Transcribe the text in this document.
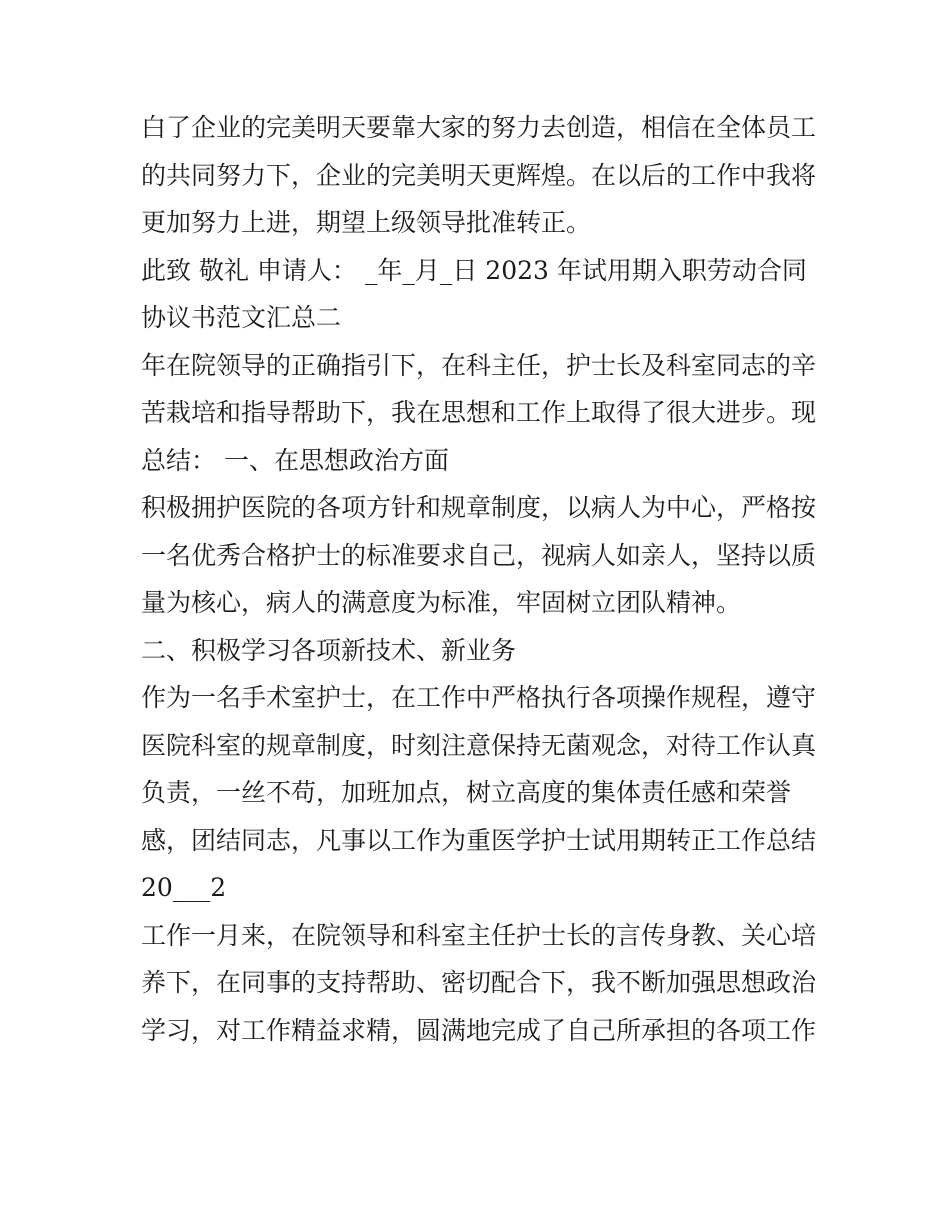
白了企业的完美明天要靠大家的努力去创造，相信在全体员工
的共同努力下，企业的完美明天更辉煌。在以后的工作中我将
更加努力上进，期望上级领导批准转正。
此致 敬礼 申请人： _年_月_日 2023 年试用期入职劳动合同
协议书范文汇总二
年在院领导的正确指引下，在科主任，护士长及科室同志的辛
苦栽培和指导帮助下，我在思想和工作上取得了很大进步。现
总结： 一、在思想政治方面
积极拥护医院的各项方针和规章制度，以病人为中心，严格按
一名优秀合格护士的标准要求自己，视病人如亲人，坚持以质
量为核心，病人的满意度为标准，牢固树立团队精神。
二、积极学习各项新技术、新业务
作为一名手术室护士，在工作中严格执行各项操作规程，遵守
医院科室的规章制度，时刻注意保持无菌观念，对待工作认真
负责，一丝不苟，加班加点，树立高度的集体责任感和荣誉
感，团结同志，凡事以工作为重医学护士试用期转正工作总结
20___2
工作一月来，在院领导和科室主任护士长的言传身教、关心培
养下，在同事的支持帮助、密切配合下，我不断加强思想政治
学习，对工作精益求精，圆满地完成了自己所承担的各项工作
